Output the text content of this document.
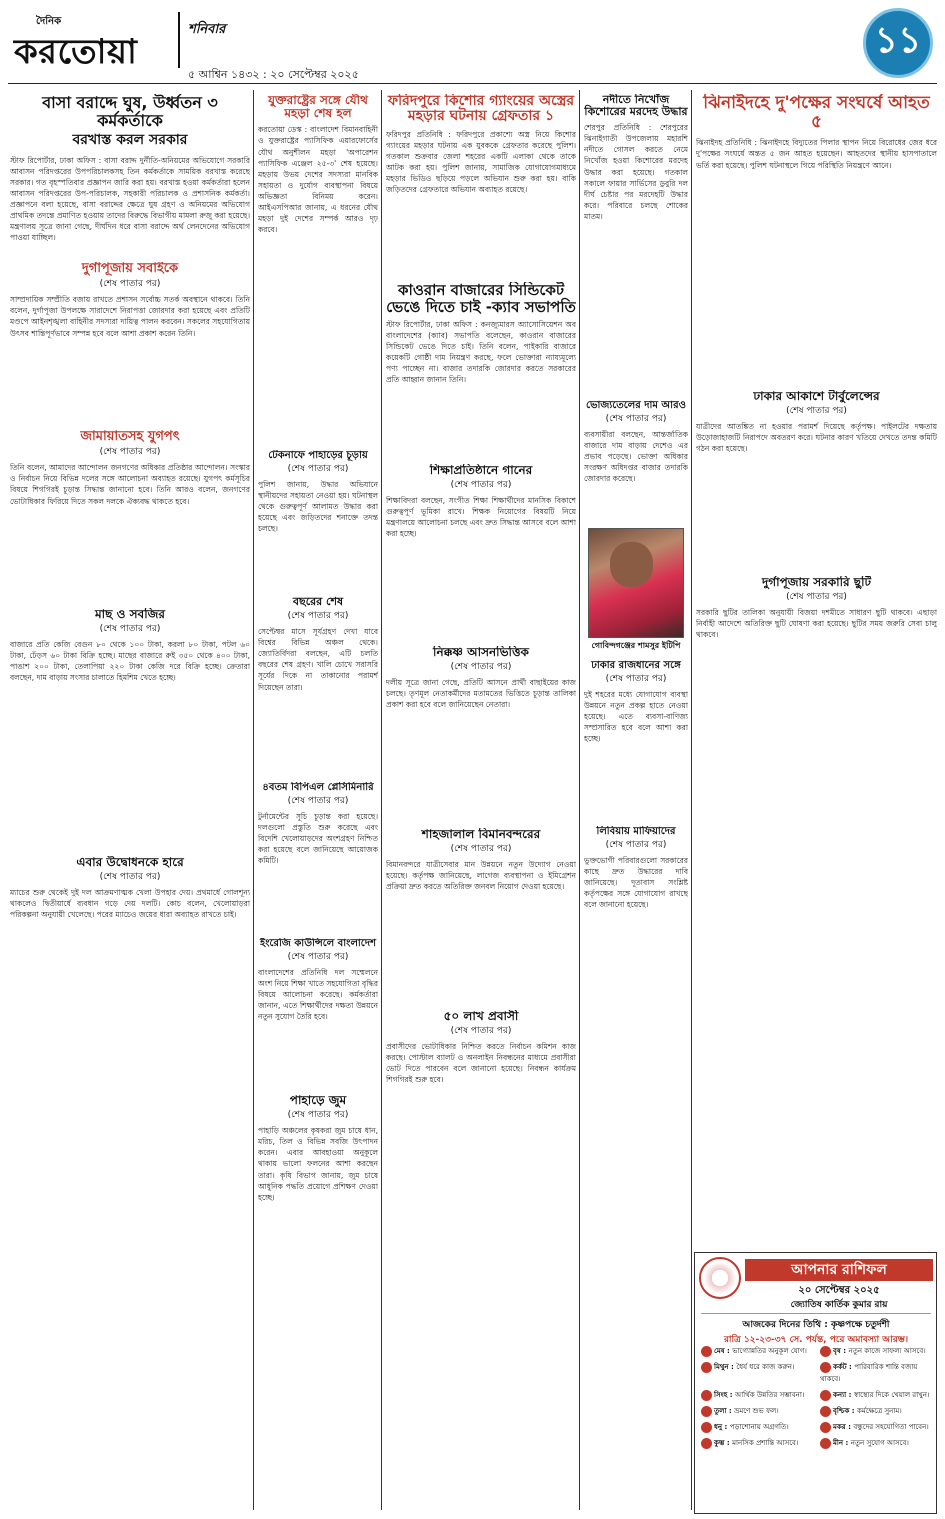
দৈনিক
করতোয়া
শনিবার
৫ আশ্বিন ১৪৩২ : ২০ সেপ্টেম্বর ২০২৫
১১
বাসা বরাদ্দে ঘুষ, উর্ধ্বতন ৩ কর্মকর্তাকে
বরখাস্ত করল সরকার
স্টাফ রিপোর্টার, ঢাকা অফিস : বাসা বরাদ্দ দুর্নীতি-অনিয়মের অভিযোগে সরকারি আবাসন পরিদপ্তরের উপপরিচালকসহ তিন কর্মকর্তাকে সাময়িক বরখাস্ত করেছে সরকার। গত বৃহস্পতিবার প্রজ্ঞাপন জারি করা হয়। বরখাস্ত হওয়া কর্মকর্তারা হলেন আবাসন পরিদপ্তরের উপ-পরিচালক, সহকারী পরিচালক ও প্রশাসনিক কর্মকর্তা। প্রজ্ঞাপনে বলা হয়েছে, বাসা বরাদ্দের ক্ষেত্রে ঘুষ গ্রহণ ও অনিয়মের অভিযোগ প্রাথমিক তদন্তে প্রমাণিত হওয়ায় তাদের বিরুদ্ধে বিভাগীয় মামলা রুজু করা হয়েছে। মন্ত্রণালয় সূত্রে জানা গেছে, দীর্ঘদিন ধরে বাসা বরাদ্দে অর্থ লেনদেনের অভিযোগ পাওয়া যাচ্ছিল।
দুর্গাপূজায় সবাইকে
(শেষ পাতার পর)
সাম্প্রদায়িক সম্প্রীতি বজায় রাখতে প্রশাসন সর্বোচ্চ সতর্ক অবস্থানে থাকবে। তিনি বলেন, দুর্গাপূজা উপলক্ষে সারাদেশে নিরাপত্তা জোরদার করা হয়েছে এবং প্রতিটি মণ্ডপে আইনশৃঙ্খলা বাহিনীর সদস্যরা দায়িত্ব পালন করবেন। সকলের সহযোগিতায় উৎসব শান্তিপূর্ণভাবে সম্পন্ন হবে বলে আশা প্রকাশ করেন তিনি।
জামায়াতসহ যুগপৎ
(শেষ পাতার পর)
তিনি বলেন, আমাদের আন্দোলন জনগণের অধিকার প্রতিষ্ঠার আন্দোলন। সংস্কার ও নির্বাচন নিয়ে বিভিন্ন দলের সঙ্গে আলোচনা অব্যাহত রয়েছে। যুগপৎ কর্মসূচির বিষয়ে শিগগিরই চূড়ান্ত সিদ্ধান্ত জানানো হবে। তিনি আরও বলেন, জনগণের ভোটাধিকার ফিরিয়ে দিতে সকল দলকে ঐক্যবদ্ধ থাকতে হবে।
মাছ ও সবজির
(শেষ পাতার পর)
বাজারে প্রতি কেজি বেগুন ৮০ থেকে ১০০ টাকা, করলা ৮০ টাকা, পটল ৬০ টাকা, ঢেঁড়স ৬০ টাকা বিক্রি হচ্ছে। মাছের বাজারে রুই ৩৫০ থেকে ৪০০ টাকা, পাঙাশ ২০০ টাকা, তেলাপিয়া ২২০ টাকা কেজি দরে বিক্রি হচ্ছে। ক্রেতারা বলছেন, দাম বাড়ায় সংসার চালাতে হিমশিম খেতে হচ্ছে।
এবার উদ্বোধনকে হারে
(শেষ পাতার পর)
ম্যাচের শুরু থেকেই দুই দল আক্রমণাত্মক খেলা উপহার দেয়। প্রথমার্ধে গোলশূন্য থাকলেও দ্বিতীয়ার্ধে ব্যবধান গড়ে দেয় দলটি। কোচ বলেন, খেলোয়াড়রা পরিকল্পনা অনুযায়ী খেলেছে। পরের ম্যাচেও জয়ের ধারা অব্যাহত রাখতে চাই।
যুক্তরাষ্ট্রের সঙ্গে যৌথ মহড়া শেষ হল
করতোয়া ডেস্ক : বাংলাদেশ বিমানবাহিনী ও যুক্তরাষ্ট্রের প্যাসিফিক এয়ারফোর্সের যৌথ অনুশীলন মহড়া 'অপারেশন প্যাসিফিক এঞ্জেল ২৫-৩' শেষ হয়েছে। মহড়ায় উভয় দেশের সদস্যরা মানবিক সহায়তা ও দুর্যোগ ব্যবস্থাপনা বিষয়ে অভিজ্ঞতা বিনিময় করেন। আইএসপিআর জানায়, এ ধরনের যৌথ মহড়া দুই দেশের সম্পর্ক আরও দৃঢ় করবে।
টেকনাফে পাহাড়ের চূড়ায়
(শেষ পাতার পর)
পুলিশ জানায়, উদ্ধার অভিযানে স্থানীয়দের সহায়তা নেওয়া হয়। ঘটনাস্থল থেকে গুরুত্বপূর্ণ আলামত উদ্ধার করা হয়েছে এবং জড়িতদের শনাক্তে তদন্ত চলছে।
বছরের শেষ
(শেষ পাতার পর)
সেপ্টেম্বর মাসে সূর্যগ্রহণ দেখা যাবে বিশ্বের বিভিন্ন অঞ্চল থেকে। জ্যোতির্বিদরা বলছেন, এটি চলতি বছরের শেষ গ্রহণ। খালি চোখে সরাসরি সূর্যের দিকে না তাকানোর পরামর্শ দিয়েছেন তারা।
৪বতম বিপিএল প্লেসিমিনারি
(শেষ পাতার পর)
টুর্নামেন্টের সূচি চূড়ান্ত করা হয়েছে। দলগুলো প্রস্তুতি শুরু করেছে এবং বিদেশি খেলোয়াড়দের অংশগ্রহণ নিশ্চিত করা হয়েছে বলে জানিয়েছে আয়োজক কমিটি।
ইংরেজি কাউন্সিলে বাংলাদেশ
(শেষ পাতার পর)
বাংলাদেশের প্রতিনিধি দল সম্মেলনে অংশ নিয়ে শিক্ষা খাতে সহযোগিতা বৃদ্ধির বিষয়ে আলোচনা করেছে। কর্মকর্তারা জানান, এতে শিক্ষার্থীদের দক্ষতা উন্নয়নে নতুন সুযোগ তৈরি হবে।
পাহাড়ে জুম
(শেষ পাতার পর)
পাহাড়ি অঞ্চলের কৃষকরা জুম চাষে ধান, মরিচ, তিল ও বিভিন্ন সবজি উৎপাদন করেন। এবার আবহাওয়া অনুকূলে থাকায় ভালো ফলনের আশা করছেন তারা। কৃষি বিভাগ জানায়, জুম চাষে আধুনিক পদ্ধতি প্রয়োগে প্রশিক্ষণ দেওয়া হচ্ছে।
ফরিদপুরে কিশোর গ্যাংয়ের অস্ত্রের মহড়ার ঘটনায় গ্রেফতার ১
ফরিদপুর প্রতিনিধি : ফরিদপুরে প্রকাশ্যে অস্ত্র নিয়ে কিশোর গ্যাংয়ের মহড়ার ঘটনায় এক যুবককে গ্রেফতার করেছে পুলিশ। গতকাল শুক্রবার জেলা শহরের একটি এলাকা থেকে তাকে আটক করা হয়। পুলিশ জানায়, সামাজিক যোগাযোগমাধ্যমে মহড়ার ভিডিও ছড়িয়ে পড়লে অভিযান শুরু করা হয়। বাকি জড়িতদের গ্রেফতারে অভিযান অব্যাহত রয়েছে।
কাওরান বাজারের সিন্ডিকেট ভেঙে দিতে চাই -ক্যাব সভাপতি
স্টাফ রিপোর্টার, ঢাকা অফিস : কনজ্যুমারস অ্যাসোসিয়েশন অব বাংলাদেশের (ক্যাব) সভাপতি বলেছেন, কাওরান বাজারের সিন্ডিকেট ভেঙে দিতে চাই। তিনি বলেন, পাইকারি বাজারে কয়েকটি গোষ্ঠী দাম নিয়ন্ত্রণ করছে, ফলে ভোক্তারা ন্যায্যমূল্যে পণ্য পাচ্ছেন না। বাজার তদারকি জোরদার করতে সরকারের প্রতি আহ্বান জানান তিনি।
শিক্ষাপ্রতিষ্ঠানে গানের
(শেষ পাতার পর)
শিক্ষাবিদরা বলছেন, সংগীত শিক্ষা শিক্ষার্থীদের মানসিক বিকাশে গুরুত্বপূর্ণ ভূমিকা রাখে। শিক্ষক নিয়োগের বিষয়টি নিয়ে মন্ত্রণালয়ে আলোচনা চলছে এবং দ্রুত সিদ্ধান্ত আসবে বলে আশা করা হচ্ছে।
নিক্কষ্ণ আসনভিত্তিক
(শেষ পাতার পর)
দলীয় সূত্রে জানা গেছে, প্রতিটি আসনে প্রার্থী বাছাইয়ের কাজ চলছে। তৃণমূল নেতাকর্মীদের মতামতের ভিত্তিতে চূড়ান্ত তালিকা প্রকাশ করা হবে বলে জানিয়েছেন নেতারা।
শাহজালাল বিমানবন্দরের
(শেষ পাতার পর)
বিমানবন্দরে যাত্রীসেবার মান উন্নয়নে নতুন উদ্যোগ নেওয়া হয়েছে। কর্তৃপক্ষ জানিয়েছে, লাগেজ ব্যবস্থাপনা ও ইমিগ্রেশন প্রক্রিয়া দ্রুত করতে অতিরিক্ত জনবল নিয়োগ দেওয়া হয়েছে।
৫০ লাখ প্রবাসী
(শেষ পাতার পর)
প্রবাসীদের ভোটাধিকার নিশ্চিত করতে নির্বাচন কমিশন কাজ করছে। পোস্টাল ব্যালট ও অনলাইন নিবন্ধনের মাধ্যমে প্রবাসীরা ভোট দিতে পারবেন বলে জানানো হয়েছে। নিবন্ধন কার্যক্রম শিগগিরই শুরু হবে।
নদীতে নিখোঁজ কিশোরের মরদেহ উদ্ধার
শেরপুর প্রতিনিধি : শেরপুরের ঝিনাইগাতী উপজেলায় মহারশি নদীতে গোসল করতে নেমে নিখোঁজ হওয়া কিশোরের মরদেহ উদ্ধার করা হয়েছে। গতকাল সকালে ফায়ার সার্ভিসের ডুবুরি দল দীর্ঘ চেষ্টার পর মরদেহটি উদ্ধার করে। পরিবারে চলছে শোকের মাতম।
ভোজ্যতেলের দাম আরও
(শেষ পাতার পর)
ব্যবসায়ীরা বলছেন, আন্তর্জাতিক বাজারে দাম বাড়ায় দেশেও এর প্রভাব পড়েছে। ভোক্তা অধিকার সংরক্ষণ অধিদপ্তর বাজার তদারকি জোরদার করেছে।
গোবিন্দগঞ্জের শামসুর ইটিপি
ঢাকার রাজধানের সঙ্গে
(শেষ পাতার পর)
দুই শহরের মধ্যে যোগাযোগ ব্যবস্থা উন্নয়নে নতুন প্রকল্প হাতে নেওয়া হয়েছে। এতে ব্যবসা-বাণিজ্য সম্প্রসারিত হবে বলে আশা করা হচ্ছে।
লিবিয়ায় মাফিয়াদের
(শেষ পাতার পর)
ভুক্তভোগী পরিবারগুলো সরকারের কাছে দ্রুত উদ্ধারের দাবি জানিয়েছে। দূতাবাস সংশ্লিষ্ট কর্তৃপক্ষের সঙ্গে যোগাযোগ রাখছে বলে জানানো হয়েছে।
ঝিনাইদহে দু'পক্ষের সংঘর্ষে আহত ৫
ঝিনাইদহ প্রতিনিধি : ঝিনাইদহে বিদ্যুতের পিলার স্থাপন নিয়ে বিরোধের জের ধরে দু'পক্ষের সংঘর্ষে অন্তত ৫ জন আহত হয়েছেন। আহতদের স্থানীয় হাসপাতালে ভর্তি করা হয়েছে। পুলিশ ঘটনাস্থলে গিয়ে পরিস্থিতি নিয়ন্ত্রণে আনে।
ঢাকার আকাশে টার্বুলেন্সের
(শেষ পাতার পর)
যাত্রীদের আতঙ্কিত না হওয়ার পরামর্শ দিয়েছে কর্তৃপক্ষ। পাইলটের দক্ষতায় উড়োজাহাজটি নিরাপদে অবতরণ করে। ঘটনার কারণ খতিয়ে দেখতে তদন্ত কমিটি গঠন করা হয়েছে।
দুর্গাপূজায় সরকারি ছুটি
(শেষ পাতার পর)
সরকারি ছুটির তালিকা অনুযায়ী বিজয়া দশমীতে সাধারণ ছুটি থাকবে। এছাড়া নির্বাহী আদেশে অতিরিক্ত ছুটি ঘোষণা করা হয়েছে। ছুটির সময় জরুরি সেবা চালু থাকবে।
আপনার রাশিফল
২০ সেপ্টেম্বর ২০২৫
জ্যোতিষ কার্তিক কুমার রায়
আজকের দিনের তিথি : কৃষ্ণপক্ষে চতুর্দশী
রাত্রি ১২-২৩-৩৭ সে. পর্যন্ত, পরে অমাবস্যা আরম্ভ।
মেষ : ভাগ্যোন্নতির অনুকূল যোগ।	বৃষ : নতুন কাজে সাফল্য আসবে।
মিথুন : ধৈর্য ধরে কাজ করুন।	কর্কট : পারিবারিক শান্তি বজায় থাকবে।
সিংহ : আর্থিক উন্নতির সম্ভাবনা।	কন্যা : স্বাস্থ্যের দিকে খেয়াল রাখুন।
তুলা : ভ্রমণে শুভ ফল।	বৃশ্চিক : কর্মক্ষেত্রে সুনাম।
ধনু : পড়াশোনায় অগ্রগতি।	মকর : বন্ধুদের সহযোগিতা পাবেন।
কুম্ভ : মানসিক প্রশান্তি আসবে।	মীন : নতুন সুযোগ আসবে।
